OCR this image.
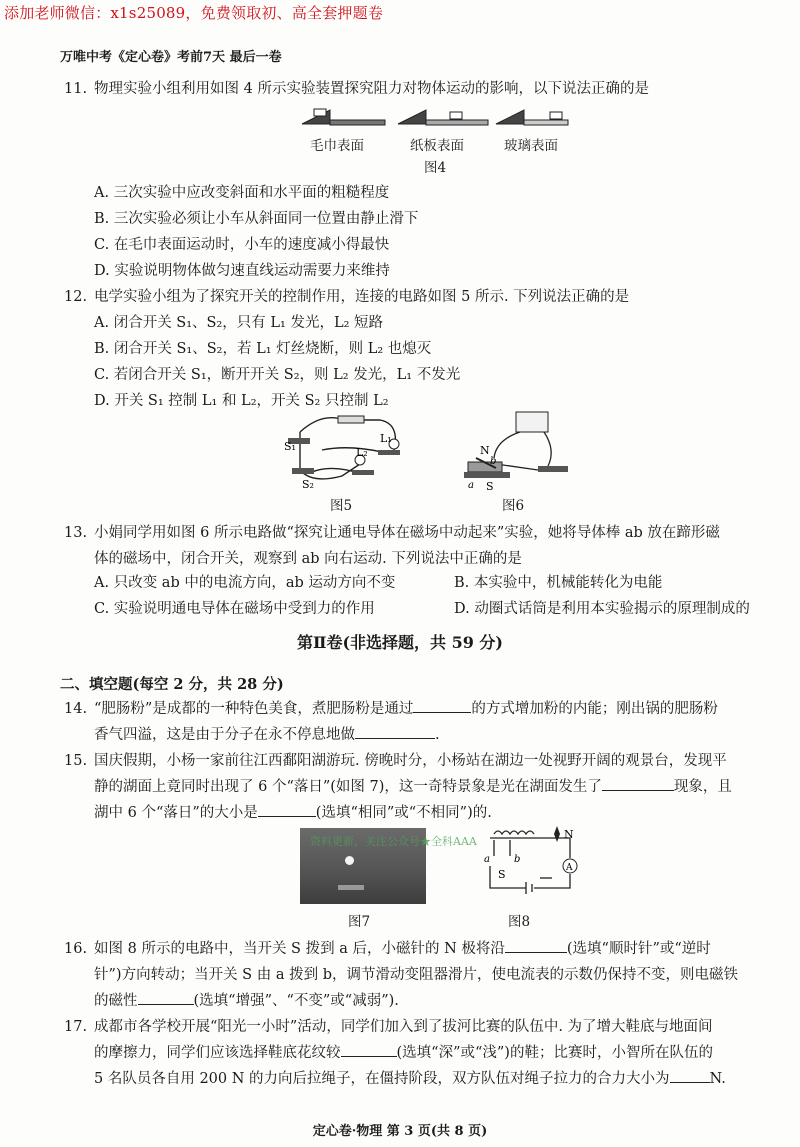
添加老师微信：x1s25089，免费领取初、高全套押题卷
万唯中考《定心卷》考前7天 最后一卷
11. 物理实验小组利用如图 4 所示实验装置探究阻力对物体运动的影响，以下说法正确的是
毛巾表面	纸板表面	玻璃表面
图4
A. 三次实验中应改变斜面和水平面的粗糙程度
B. 三次实验必须让小车从斜面同一位置由静止滑下
C. 在毛巾表面运动时，小车的速度减小得最快
D. 实验说明物体做匀速直线运动需要力来维持
12. 电学实验小组为了探究开关的控制作用，连接的电路如图 5 所示. 下列说法正确的是
A. 闭合开关 S₁、S₂，只有 L₁ 发光，L₂ 短路
B. 闭合开关 S₁、S₂，若 L₁ 灯丝烧断，则 L₂ 也熄灭
C. 若闭合开关 S₁，断开开关 S₂，则 L₂ 发光，L₁ 不发光
D. 开关 S₁ 控制 L₁ 和 L₂，开关 S₂ 只控制 L₂
S₁
S₂
L₁
L₂
图5
N
b
a S
图6
13. 小娟同学用如图 6 所示电路做“探究让通电导体在磁场中动起来”实验，她将导体棒 ab 放在蹄形磁
体的磁场中，闭合开关，观察到 ab 向右运动. 下列说法中正确的是
A. 只改变 ab 中的电流方向，ab 运动方向不变	B. 本实验中，机械能转化为电能
C. 实验说明通电导体在磁场中受到力的作用	D. 动圈式话筒是利用本实验揭示的原理制成的
第Ⅱ卷(非选择题，共 59 分)
二、填空题(每空 2 分，共 28 分)
14. “肥肠粉”是成都的一种特色美食，煮肥肠粉是通过	的方式增加粉的内能；刚出锅的肥肠粉
香气四溢，这是由于分子在永不停息地做	.
15. 国庆假期，小杨一家前往江西鄱阳湖游玩. 傍晚时分，小杨站在湖边一处视野开阔的观景台，发现平
静的湖面上竟同时出现了 6 个“落日”(如图 7)，这一奇特景象是光在湖面发生了	现象，且
湖中 6 个“落日”的大小是	(选填“相同”或“不相同”)的.
资料更新，关注公众号★全科AAA
图7
A
N
a b
S
图8
16. 如图 8 所示的电路中，当开关 S 拨到 a 后，小磁针的 N 极将沿	(选填“顺时针”或“逆时
针”)方向转动；当开关 S 由 a 拨到 b，调节滑动变阻器滑片，使电流表的示数仍保持不变，则电磁铁
的磁性	(选填“增强”、“不变”或“减弱”).
17. 成都市各学校开展“阳光一小时”活动，同学们加入到了拔河比赛的队伍中. 为了增大鞋底与地面间
的摩擦力，同学们应该选择鞋底花纹较	(选填“深”或“浅”)的鞋；比赛时，小智所在队伍的
5 名队员各自用 200 N 的力向后拉绳子，在僵持阶段，双方队伍对绳子拉力的合力大小为	N.
定心卷·物理 第 3 页(共 8 页)
